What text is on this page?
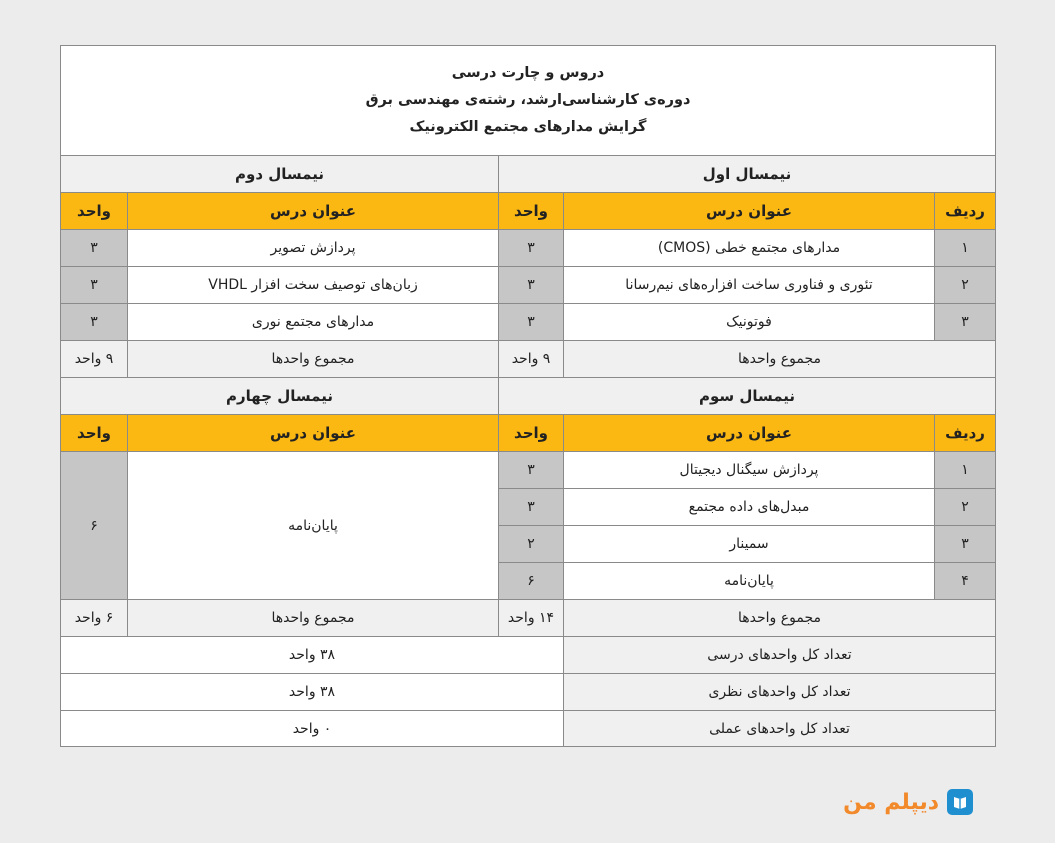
دروس و چارت درسی
دوره‌ی کارشناسی‌ارشد، رشته‌ی مهندسی برق
گرایش مدارهای مجتمع الکترونیک
نیمسال اول
نیمسال دوم
ردیف
عنوان درس
واحد
عنوان درس
واحد
۱
مدارهای مجتمع خطی (CMOS)
۳
۲
تئوری و فناوری ساخت افزاره‌های نیم‌رسانا
۳
۳
فوتونیک
۳
پردازش تصویر
۳
زبان‌های توصیف سخت افزار VHDL
۳
مدارهای مجتمع نوری
۳
مجموع واحدها
۹ واحد
مجموع واحدها
۹ واحد
نیمسال سوم
نیمسال چهارم
ردیف
عنوان درس
واحد
عنوان درس
واحد
۱
پردازش سیگنال دیجیتال
۳
۲
مبدل‌های داده مجتمع
۳
۳
سمینار
۲
۴
پایان‌نامه
۶
پایان‌نامه
۶
مجموع واحدها
۱۴ واحد
مجموع واحدها
۶ واحد
تعداد کل واحدهای درسی
۳۸ واحد
تعداد کل واحدهای نظری
۳۸ واحد
تعداد کل واحدهای عملی
۰ واحد
دیپلم من
